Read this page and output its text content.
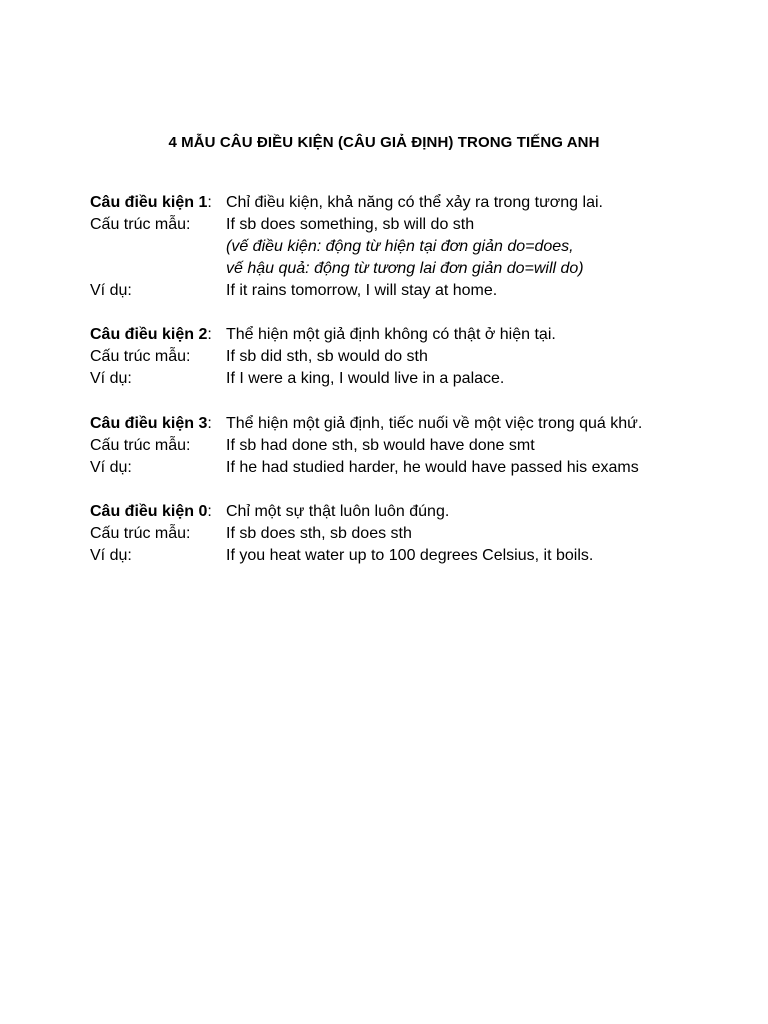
4 MẪU CÂU ĐIỀU KIỆN (CÂU GIẢ ĐỊNH) TRONG TIẾNG ANH
Câu điều kiện 1: Chỉ điều kiện, khả năng có thể xảy ra trong tương lai.
Cấu trúc mẫu:	If sb does something, sb will do sth
(vế điều kiện: động từ hiện tại đơn giản do=does,
vế hậu quả: động từ tương lai đơn giản do=will do)
Ví dụ:	If it rains tomorrow, I will stay at home.
Câu điều kiện 2: Thể hiện một giả định không có thật ở hiện tại.
Cấu trúc mẫu:	If sb did sth, sb would do sth
Ví dụ:	If I were a king, I would live in a palace.
Câu điều kiện 3: Thể hiện một giả định, tiếc nuối về một việc trong quá khứ.
Cấu trúc mẫu:	If sb had done sth, sb would have done smt
Ví dụ:	If he had studied harder, he would have passed his exams
Câu điều kiện 0: Chỉ một sự thật luôn luôn đúng.
Cấu trúc mẫu:	If sb does sth, sb does sth
Ví dụ:	If you heat water up to 100 degrees Celsius, it boils.
